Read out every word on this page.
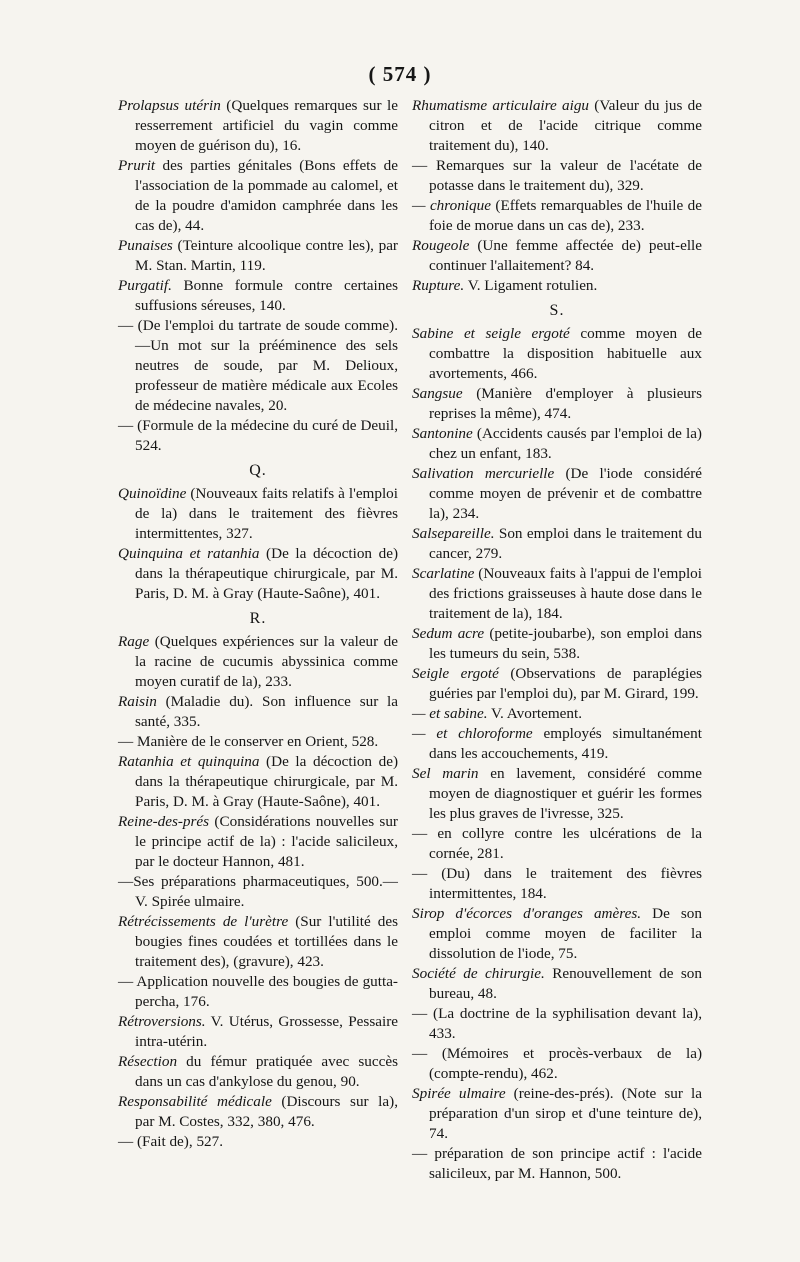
( 574 )

Prolapsus utérin (Quelques remarques sur le resserrement artificiel du vagin comme moyen de guérison du), 16.

Prurit des parties génitales (Bons effets de l'association de la pommade au calomel, et de la poudre d'amidon camphrée dans les cas de), 44.

Punaises (Teinture alcoolique contre les), par M. Stan. Martin, 119.

Purgatif. Bonne formule contre certaines suffusions séreuses, 140.

— (De l'emploi du tartrate de soude comme).—Un mot sur la prééminence des sels neutres de soude, par M. Delioux, professeur de matière médicale aux Ecoles de médecine navales, 20.

— (Formule de la médecine du curé de Deuil, 524.

Q.

Quinoïdine (Nouveaux faits relatifs à l'emploi de la) dans le traitement des fièvres intermittentes, 327.

Quinquina et ratanhia (De la décoction de) dans la thérapeutique chirurgicale, par M. Paris, D. M. à Gray (Haute-Saône), 401.

R.

Rage (Quelques expériences sur la valeur de la racine de cucumis abyssinica comme moyen curatif de la), 233.

Raisin (Maladie du). Son influence sur la santé, 335.

— Manière de le conserver en Orient, 528.

Ratanhia et quinquina (De la décoction de) dans la thérapeutique chirurgicale, par M. Paris, D. M. à Gray (Haute-Saône), 401.

Reine-des-prés (Considérations nouvelles sur le principe actif de la) : l'acide salicileux, par le docteur Hannon, 481.

—Ses préparations pharmaceutiques, 500.— V. Spirée ulmaire.

Rétrécissements de l'urètre (Sur l'utilité des bougies fines coudées et tortillées dans le traitement des), (gravure), 423.

— Application nouvelle des bougies de gutta-percha, 176.

Rétroversions. V. Utérus, Grossesse, Pessaire intra-utérin.

Résection du fémur pratiquée avec succès dans un cas d'ankylose du genou, 90.

Responsabilité médicale (Discours sur la), par M. Costes, 332, 380, 476.

— (Fait de), 527.

Rhumatisme articulaire aigu (Valeur du jus de citron et de l'acide citrique comme traitement du), 140.

— Remarques sur la valeur de l'acétate de potasse dans le traitement du), 329.

— chronique (Effets remarquables de l'huile de foie de morue dans un cas de), 233.

Rougeole (Une femme affectée de) peut-elle continuer l'allaitement? 84.

Rupture. V. Ligament rotulien.

S.

Sabine et seigle ergoté comme moyen de combattre la disposition habituelle aux avortements, 466.

Sangsue (Manière d'employer à plusieurs reprises la même), 474.

Santonine (Accidents causés par l'emploi de la) chez un enfant, 183.

Salivation mercurielle (De l'iode considéré comme moyen de prévenir et de combattre la), 234.

Salsepareille. Son emploi dans le traitement du cancer, 279.

Scarlatine (Nouveaux faits à l'appui de l'emploi des frictions graisseuses à haute dose dans le traitement de la), 184.

Sedum acre (petite-joubarbe), son emploi dans les tumeurs du sein, 538.

Seigle ergoté (Observations de paraplégies guéries par l'emploi du), par M. Girard, 199.

— et sabine. V. Avortement.

— et chloroforme employés simultanément dans les accouchements, 419.

Sel marin en lavement, considéré comme moyen de diagnostiquer et guérir les formes les plus graves de l'ivresse, 325.

— en collyre contre les ulcérations de la cornée, 281.

— (Du) dans le traitement des fièvres intermittentes, 184.

Sirop d'écorces d'oranges amères. De son emploi comme moyen de faciliter la dissolution de l'iode, 75.

Société de chirurgie. Renouvellement de son bureau, 48.

— (La doctrine de la syphilisation devant la), 433.

— (Mémoires et procès-verbaux de la) (compte-rendu), 462.

Spirée ulmaire (reine-des-prés). (Note sur la préparation d'un sirop et d'une teinture de), 74.

— préparation de son principe actif : l'acide salicileux, par M. Hannon, 500.
